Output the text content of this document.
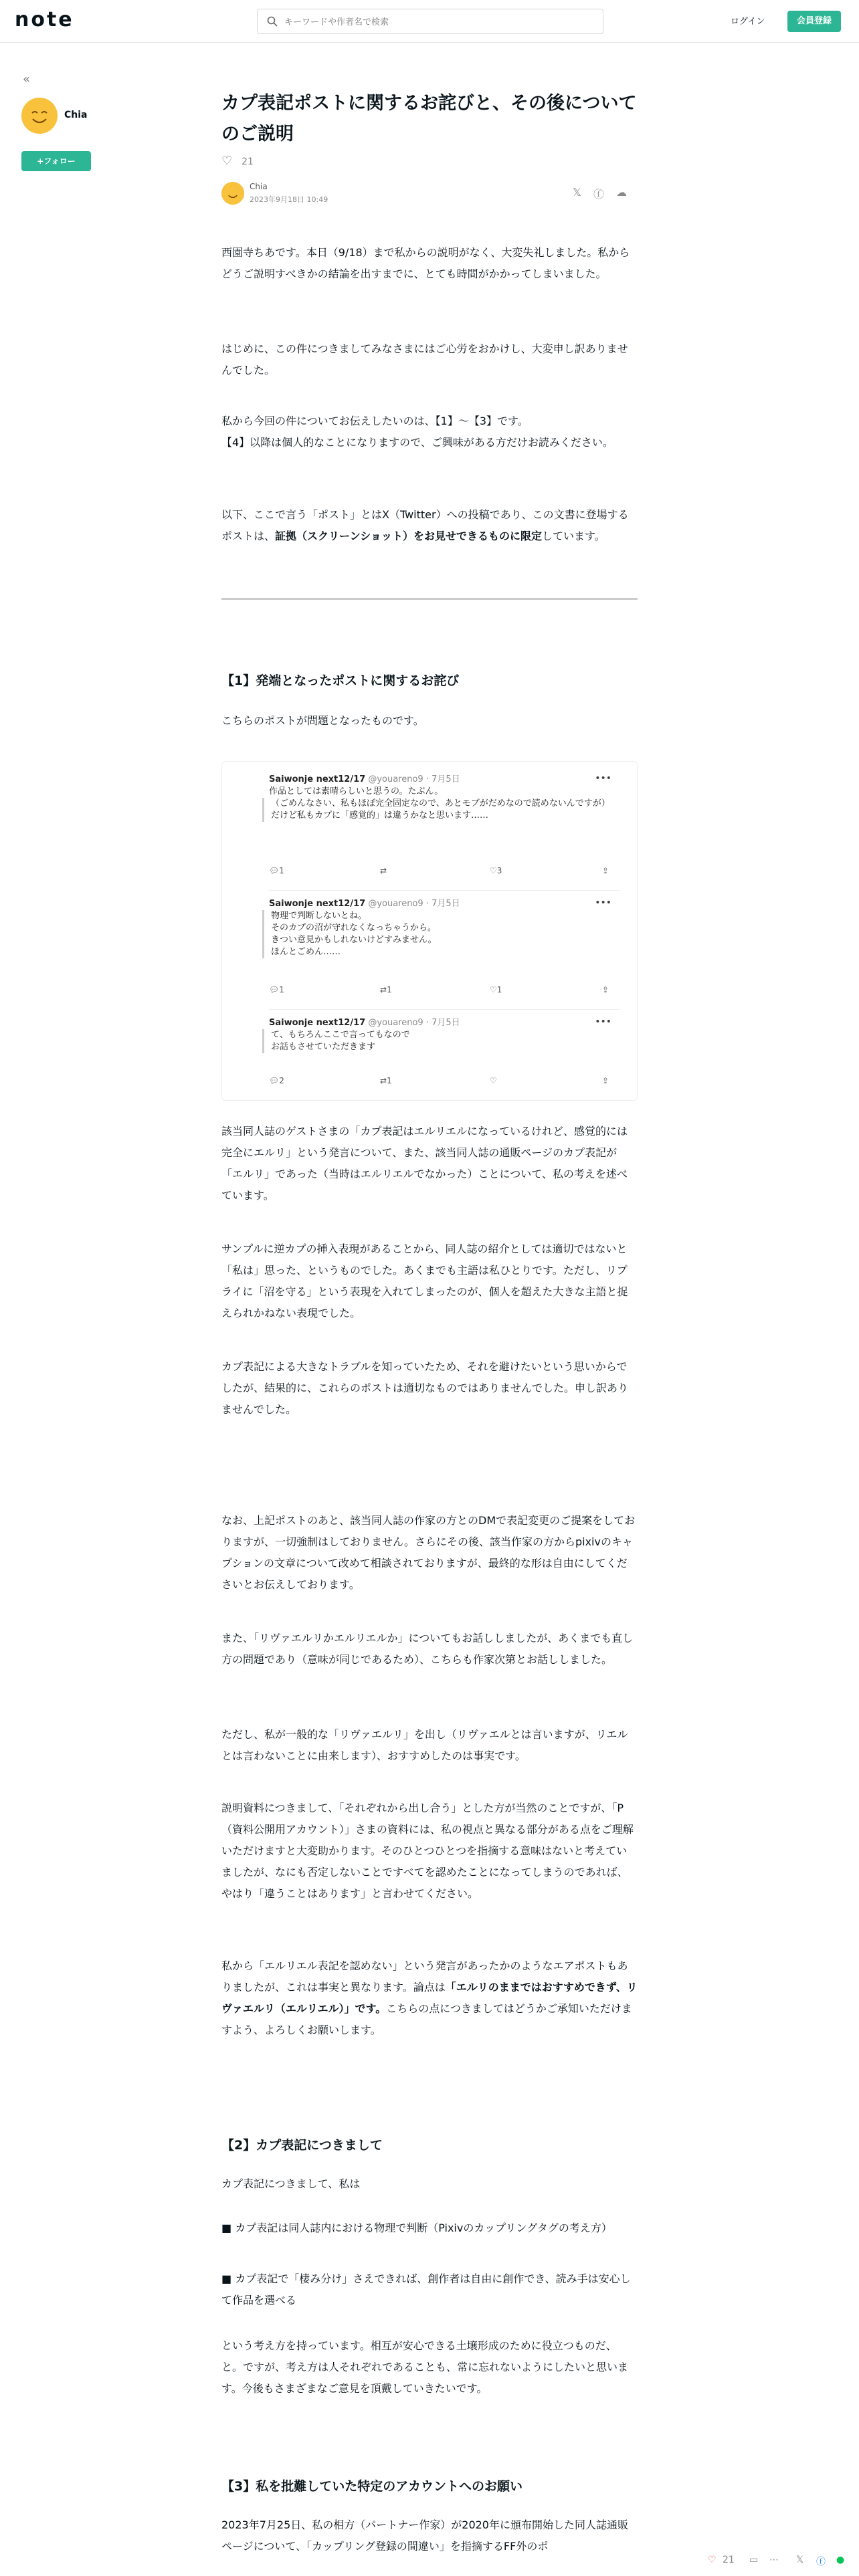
note
キーワードや作者名で検索	ログイン	会員登録
«
Chia
+フォロー
カプ表記ポストに関するお詫びと、その後についてのご説明
♡ 21
Chia
2023年9月18日 10:49
𝕏 ⓕ ☁

西園寺ちあです。本日（9/18）まで私からの説明がなく、大変失礼しました。私からどうご説明すべきかの結論を出すまでに、とても時間がかかってしまいました。

はじめに、この件につきましてみなさまにはご心労をおかけし、大変申し訳ありませんでした。

私から今回の件についてお伝えしたいのは、【1】〜【3】です。

【4】以降は個人的なことになりますので、ご興味がある方だけお読みください。

以下、ここで言う「ポスト」とはX（Twitter）への投稿であり、この文書に登場するポストは、証拠（スクリーンショット）をお見せできるものに限定しています。

【1】発端となったポストに関するお詫び

こちらのポストが問題となったものです。

Saiwonje next12/17 @youareno9 · 7月5日	•••
作品としては素晴らしいと思うの。たぶん。
（ごめんなさい、私もほぼ完全固定なので、あとモブがだめなので読めないんですが）
だけど私もカプに「感覚的」は違うかなと思います……
💬︎ 1	⇄	♡ 3	⇪
Saiwonje next12/17 @youareno9 · 7月5日	•••
物理で判断しないとね。
そのカプの沼が守れなくなっちゃうから。
きつい意見かもしれないけどすみません。
ほんとごめん……
💬︎ 1	⇄ 1	♡ 1	⇪
Saiwonje next12/17 @youareno9 · 7月5日	•••
て、もちろんここで言ってもなので
お話もさせていただきます
💬︎ 2	⇄ 1	♡	⇪

該当同人誌のゲストさまの「カプ表記はエルリエルになっているけれど、感覚的には完全にエルリ」という発言について、また、該当同人誌の通販ページのカプ表記が「エルリ」であった（当時はエルリエルでなかった）ことについて、私の考えを述べています。

サンプルに逆カプの挿入表現があることから、同人誌の紹介としては適切ではないと「私は」思った、というものでした。あくまでも主語は私ひとりです。ただし、リプライに「沼を守る」という表現を入れてしまったのが、個人を超えた大きな主語と捉えられかねない表現でした。

カプ表記による大きなトラブルを知っていたため、それを避けたいという思いからでしたが、結果的に、これらのポストは適切なものではありませんでした。申し訳ありませんでした。

なお、上記ポストのあと、該当同人誌の作家の方とのDMで表記変更のご提案をしておりますが、一切強制はしておりません。さらにその後、該当作家の方からpixivのキャプションの文章について改めて相談されておりますが、最終的な形は自由にしてくださいとお伝えしております。

また、「リヴァエルリかエルリエルか」についてもお話ししましたが、あくまでも直し方の問題であり（意味が同じであるため）、こちらも作家次第とお話ししました。

ただし、私が一般的な「リヴァエルリ」を出し（リヴァエルとは言いますが、リエルとは言わないことに由来します）、おすすめしたのは事実です。

説明資料につきまして、「それぞれから出し合う」とした方が当然のことですが、「P（資料公開用アカウント）」さまの資料には、私の視点と異なる部分がある点をご理解いただけますと大変助かります。そのひとつひとつを指摘する意味はないと考えていましたが、なにも否定しないことですべてを認めたことになってしまうのであれば、やはり「違うことはあります」と言わせてください。

私から「エルリエル表記を認めない」という発言があったかのようなエアポストもありましたが、これは事実と異なります。論点は「エルリのままではおすすめできず、リヴァエルリ（エルリエル）」です。こちらの点につきましてはどうかご承知いただけますよう、よろしくお願いします。

【2】カプ表記につきまして

カプ表記につきまして、私は

■ カプ表記は同人誌内における物理で判断（Pixivのカップリングタグの考え方）

■ カプ表記で「棲み分け」さえできれば、創作者は自由に創作でき、読み手は安心して作品を選べる

という考え方を持っています。相互が安心できる土壌形成のために役立つものだ、と。ですが、考え方は人それぞれであることも、常に忘れないようにしたいと思います。今後もさまざまなご意見を頂戴していきたいです。

【3】私を批難していた特定のアカウントへのお願い

2023年7月25日、私の相方（パートナー作家）が2020年に頒布開始した同人誌通販ページについて、「カップリング登録の間違い」を指摘するFF外のポ

♡ 21 ▭ ⋯ 𝕏 ⓕ ●
